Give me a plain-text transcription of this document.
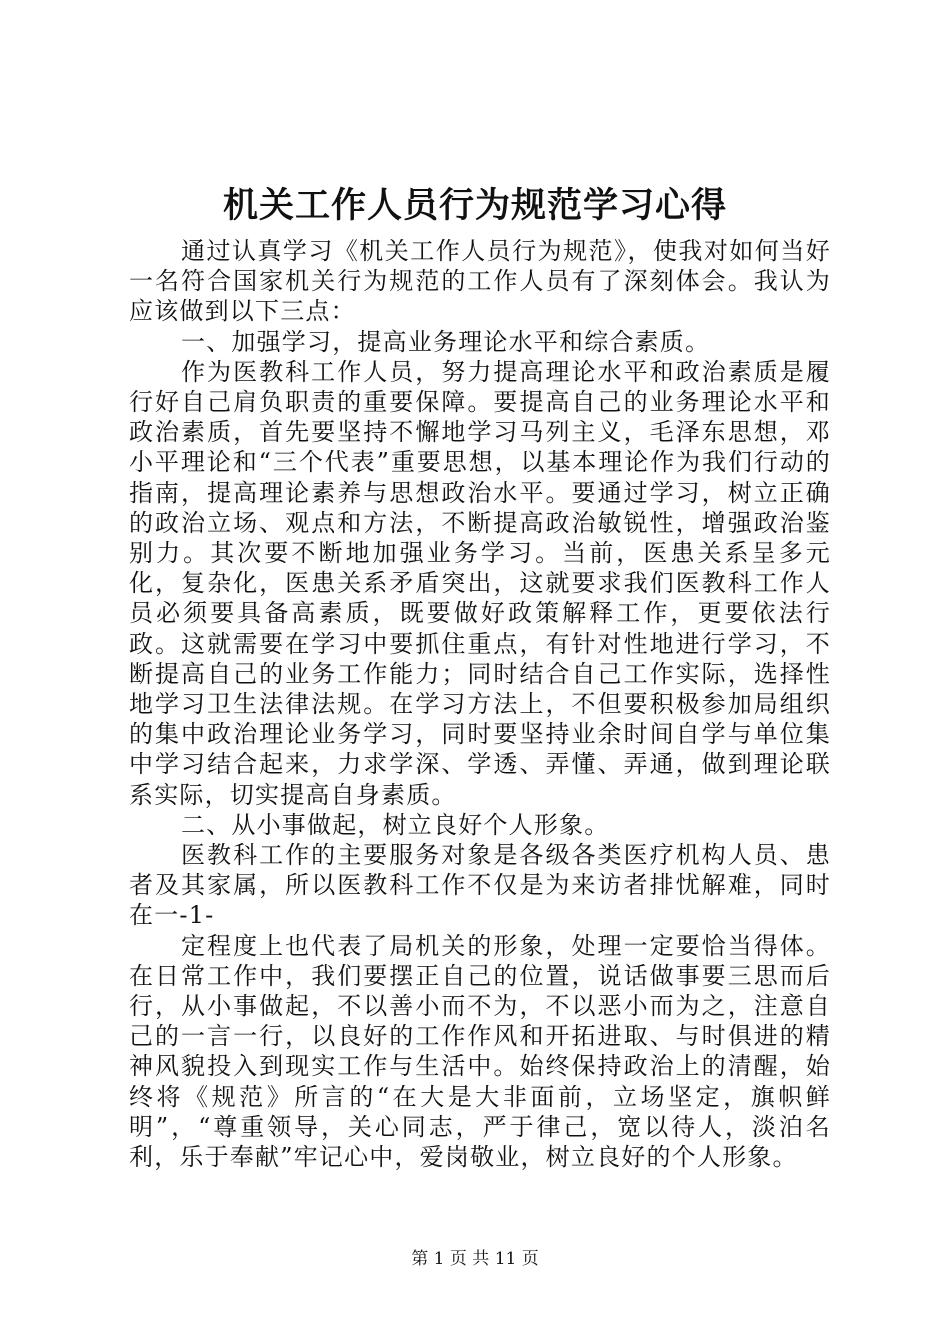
机关工作人员行为规范学习心得

通过认真学习《机关工作人员行为规范》，使我对如何当好一名符合国家机关行为规范的工作人员有了深刻体会。我认为应该做到以下三点：

一、加强学习，提高业务理论水平和综合素质。

作为医教科工作人员，努力提高理论水平和政治素质是履行好自己肩负职责的重要保障。要提高自己的业务理论水平和政治素质，首先要坚持不懈地学习马列主义，毛泽东思想，邓小平理论和“三个代表”重要思想，以基本理论作为我们行动的指南，提高理论素养与思想政治水平。要通过学习，树立正确的政治立场、观点和方法，不断提高政治敏锐性，增强政治鉴别力。其次要不断地加强业务学习。当前，医患关系呈多元化，复杂化，医患关系矛盾突出，这就要求我们医教科工作人员必须要具备高素质，既要做好政策解释工作，更要依法行政。这就需要在学习中要抓住重点，有针对性地进行学习，不断提高自己的业务工作能力；同时结合自己工作实际，选择性地学习卫生法律法规。在学习方法上，不但要积极参加局组织的集中政治理论业务学习，同时要坚持业余时间自学与单位集中学习结合起来，力求学深、学透、弄懂、弄通，做到理论联系实际，切实提高自身素质。

二、从小事做起，树立良好个人形象。

医教科工作的主要服务对象是各级各类医疗机构人员、患者及其家属，所以医教科工作不仅是为来访者排忧解难，同时在一-1-

定程度上也代表了局机关的形象，处理一定要恰当得体。在日常工作中，我们要摆正自己的位置，说话做事要三思而后行，从小事做起，不以善小而不为，不以恶小而为之，注意自己的一言一行，以良好的工作作风和开拓进取、与时俱进的精神风貌投入到现实工作与生活中。始终保持政治上的清醒，始终将《规范》所言的“在大是大非面前，立场坚定，旗帜鲜明”，“尊重领导，关心同志，严于律己，宽以待人，淡泊名利，乐于奉献”牢记心中，爱岗敬业，树立良好的个人形象。

第 1 页 共 11 页
